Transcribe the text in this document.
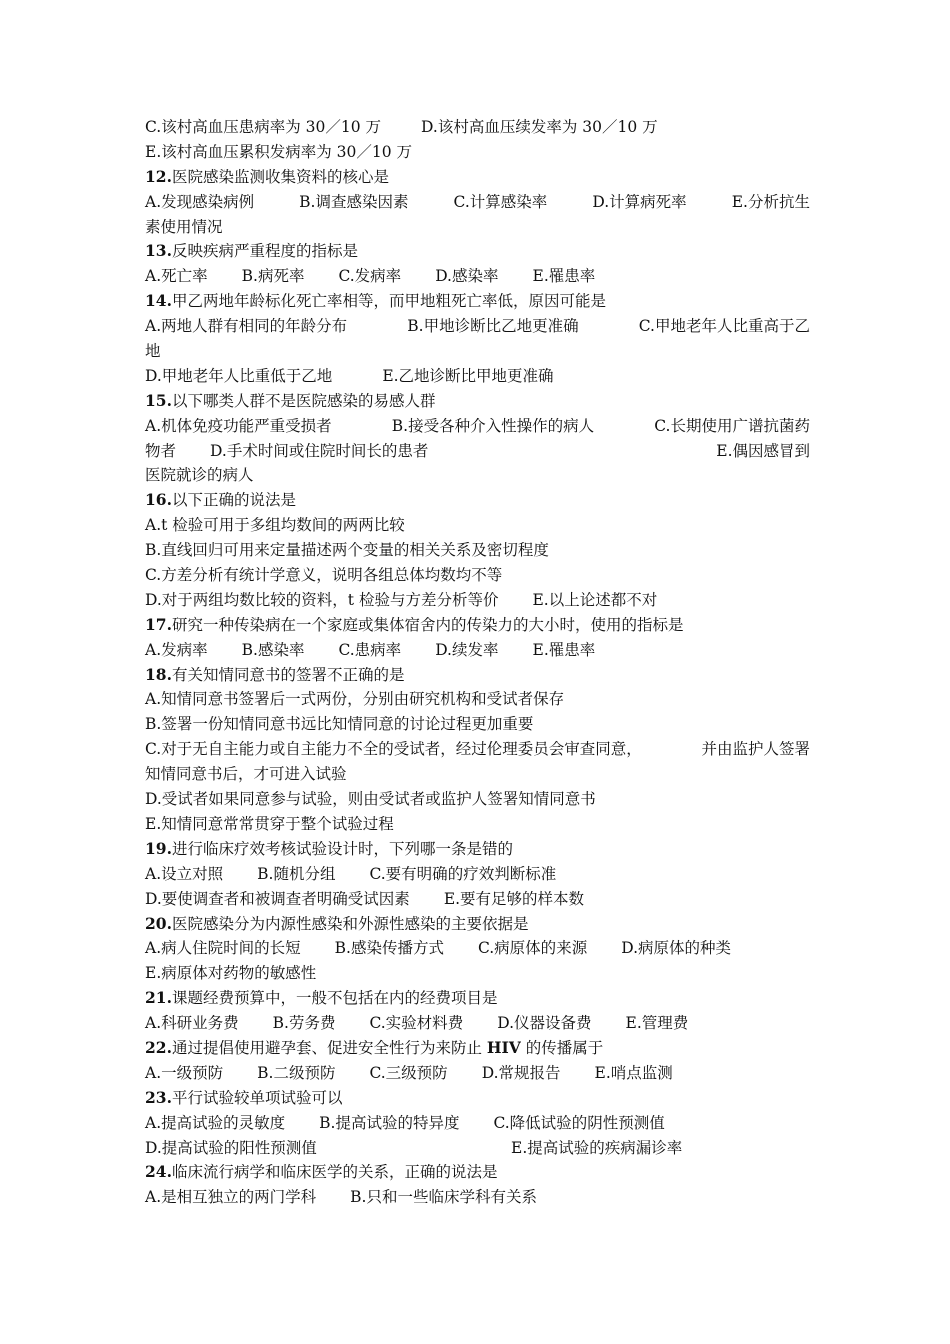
C.该村高血压患病率为 30／10 万	D.该村高血压续发率为 30／10 万
E.该村高血压累积发病率为 30／10 万
12.医院感染监测收集资料的核心是
A.发现感染病例	B.调查感染因素	C.计算感染率	D.计算病死率	E.分析抗生
素使用情况
13.反映疾病严重程度的指标是
A.死亡率 B.病死率 C.发病率 D.感染率 E.罹患率
14.甲乙两地年龄标化死亡率相等，而甲地粗死亡率低，原因可能是
A.两地人群有相同的年龄分布	B.甲地诊断比乙地更准确	C.甲地老年人比重高于乙
地
D.甲地老年人比重低于乙地	E.乙地诊断比甲地更准确
15.以下哪类人群不是医院感染的易感人群
A.机体免疫功能严重受损者	B.接受各种介入性操作的病人	C.长期使用广谱抗菌药
物者 D.手术时间或住院时间长的患者	E.偶因感冒到
医院就诊的病人
16.以下正确的说法是
A.t 检验可用于多组均数间的两两比较
B.直线回归可用来定量描述两个变量的相关关系及密切程度
C.方差分析有统计学意义，说明各组总体均数均不等
D.对于两组均数比较的资料，t 检验与方差分析等价 E.以上论述都不对
17.研究一种传染病在一个家庭或集体宿舍内的传染力的大小时，使用的指标是
A.发病率 B.感染率 C.患病率 D.续发率 E.罹患率
18.有关知情同意书的签署不正确的是
A.知情同意书签署后一式两份，分别由研究机构和受试者保存
B.签署一份知情同意书远比知情同意的讨论过程更加重要
C.对于无自主能力或自主能力不全的受试者，经过伦理委员会审查同意，	并由监护人签署
知情同意书后，才可进入试验
D.受试者如果同意参与试验，则由受试者或监护人签署知情同意书
E.知情同意常常贯穿于整个试验过程
19.进行临床疗效考核试验设计时，下列哪一条是错的
A.设立对照 B.随机分组 C.要有明确的疗效判断标准
D.要使调查者和被调查者明确受试因素 E.要有足够的样本数
20.医院感染分为内源性感染和外源性感染的主要依据是
A.病人住院时间的长短 B.感染传播方式 C.病原体的来源 D.病原体的种类
E.病原体对药物的敏感性
21.课题经费预算中，一般不包括在内的经费项目是
A.科研业务费 B.劳务费 C.实验材料费 D.仪器设备费 E.管理费
22.通过提倡使用避孕套、促进安全性行为来防止 HIV 的传播属于
A.一级预防 B.二级预防 C.三级预防 D.常规报告 E.哨点监测
23.平行试验较单项试验可以
A.提高试验的灵敏度 B.提高试验的特异度 C.降低试验的阴性预测值
D.提高试验的阳性预测值	E.提高试验的疾病漏诊率
24.临床流行病学和临床医学的关系，正确的说法是
A.是相互独立的两门学科 B.只和一些临床学科有关系
